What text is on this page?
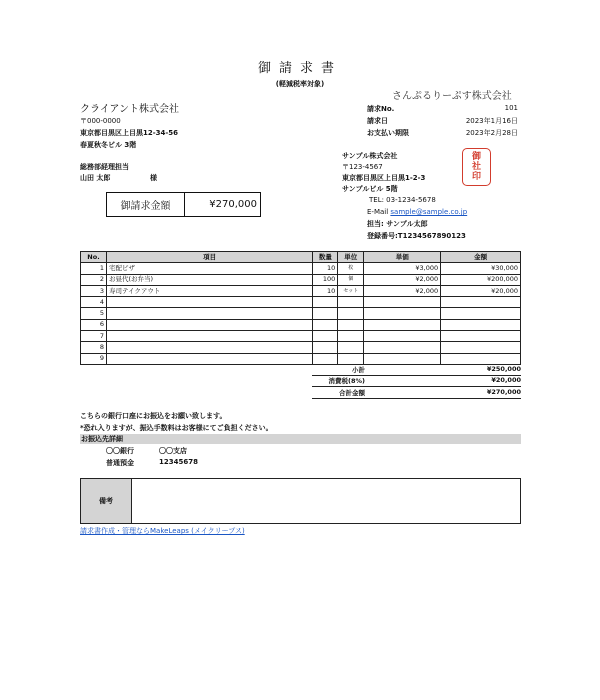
御請求書
(軽減税率対象)
さんぷるりーぷす株式会社
クライアント株式会社
〒000-0000
東京都目黒区上目黒12-34-56
春夏秋冬ビル 3階
総務部経理担当
山田 太郎	様
請求No.	101
請求日	2023年1月16日
お支払い期限	2023年2月28日
サンプル株式会社
〒123-4567
東京都目黒区上目黒1-2-3
サンプルビル 5階
TEL: 03-1234-5678
E-Mail sample@sample.co.jp
担当: サンプル太郎
登録番号:T1234567890123
御
社
印
御請求金額	¥270,000
No.	項目	数量	単位	単価	金額
1	宅配ピザ	10	枚	¥3,000	¥30,000
2	お昼代(お弁当)	100	個	¥2,000	¥200,000
3	寿司テイクアウト	10	セット	¥2,000	¥20,000
4					
5					
6					
7					
8					
9					
小計	¥250,000
消費税(8%)	¥20,000
合計金額	¥270,000
こちらの銀行口座にお振込をお願い致します。
*恐れ入りますが、振込手数料はお客様にてご負担ください。
お振込先詳細
〇〇銀行	〇〇支店
普通預金	12345678
備考
請求書作成・管理ならMakeLeaps (メイクリープス)
